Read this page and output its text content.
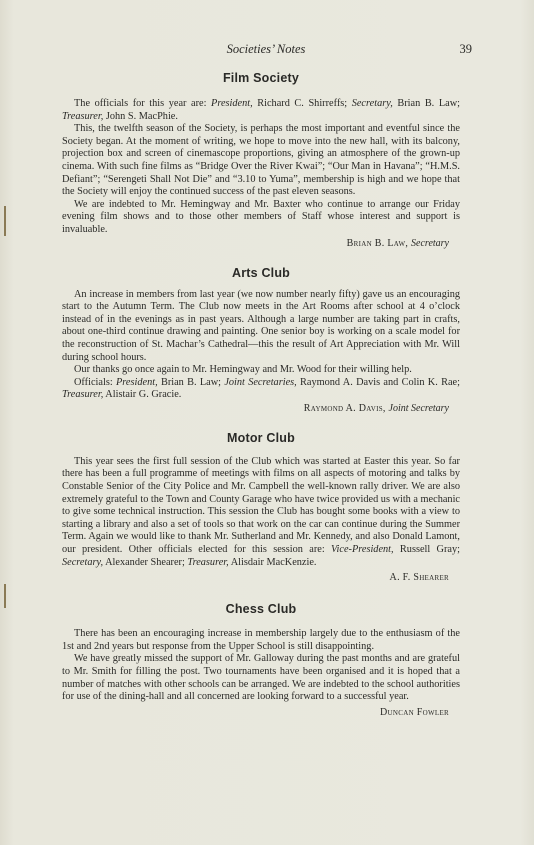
Societies’ Notes	39
Film Society

The officials for this year are: President, Richard C. Shirreffs; Secretary, Brian B. Law; Treasurer, John S. MacPhie.

This, the twelfth season of the Society, is perhaps the most important and eventful since the Society began. At the moment of writing, we hope to move into the new hall, with its balcony, projection box and screen of cinemascope proportions, giving an atmosphere of the grown-up cinema. With such fine films as “Bridge Over the River Kwai”; “Our Man in Havana”; “H.M.S. Defiant”; “Serengeti Shall Not Die” and “3.10 to Yuma”, membership is high and we hope that the Society will enjoy the continued success of the past eleven seasons.

We are indebted to Mr. Hemingway and Mr. Baxter who continue to arrange our Friday evening film shows and to those other members of Staff whose interest and support is invaluable.

Brian B. Law, Secretary
Arts Club

An increase in members from last year (we now number nearly fifty) gave us an encouraging start to the Autumn Term. The Club now meets in the Art Rooms after school at 4 o’clock instead of in the evenings as in past years. Although a large number are taking part in crafts, about one-third continue drawing and painting. One senior boy is working on a scale model for the reconstruction of St. Machar’s Cathedral—this the result of Art Appreciation with Mr. Will during school hours.

Our thanks go once again to Mr. Hemingway and Mr. Wood for their willing help.

Officials: President, Brian B. Law; Joint Secretaries, Raymond A. Davis and Colin K. Rae; Treasurer, Alistair G. Gracie.

Raymond A. Davis, Joint Secretary
Motor Club

This year sees the first full session of the Club which was started at Easter this year. So far there has been a full programme of meetings with films on all aspects of motoring and talks by Constable Senior of the City Police and Mr. Campbell the well-known rally driver. We are also extremely grateful to the Town and County Garage who have twice provided us with a mechanic to give some technical instruction. This session the Club has bought some books with a view to starting a library and also a set of tools so that work on the car can continue during the Summer Term. Again we would like to thank Mr. Sutherland and Mr. Kennedy, and also Donald Lamont, our president. Other officials elected for this session are: Vice-President, Russell Gray; Secretary, Alexander Shearer; Treasurer, Alisdair MacKenzie.

A. F. Shearer
Chess Club

There has been an encouraging increase in membership largely due to the enthusiasm of the 1st and 2nd years but response from the Upper School is still disappointing.

We have greatly missed the support of Mr. Galloway during the past months and are grateful to Mr. Smith for filling the post. Two tournaments have been organised and it is hoped that a number of matches with other schools can be arranged. We are indebted to the school authorities for use of the dining-hall and all concerned are looking forward to a successful year.

Duncan Fowler
